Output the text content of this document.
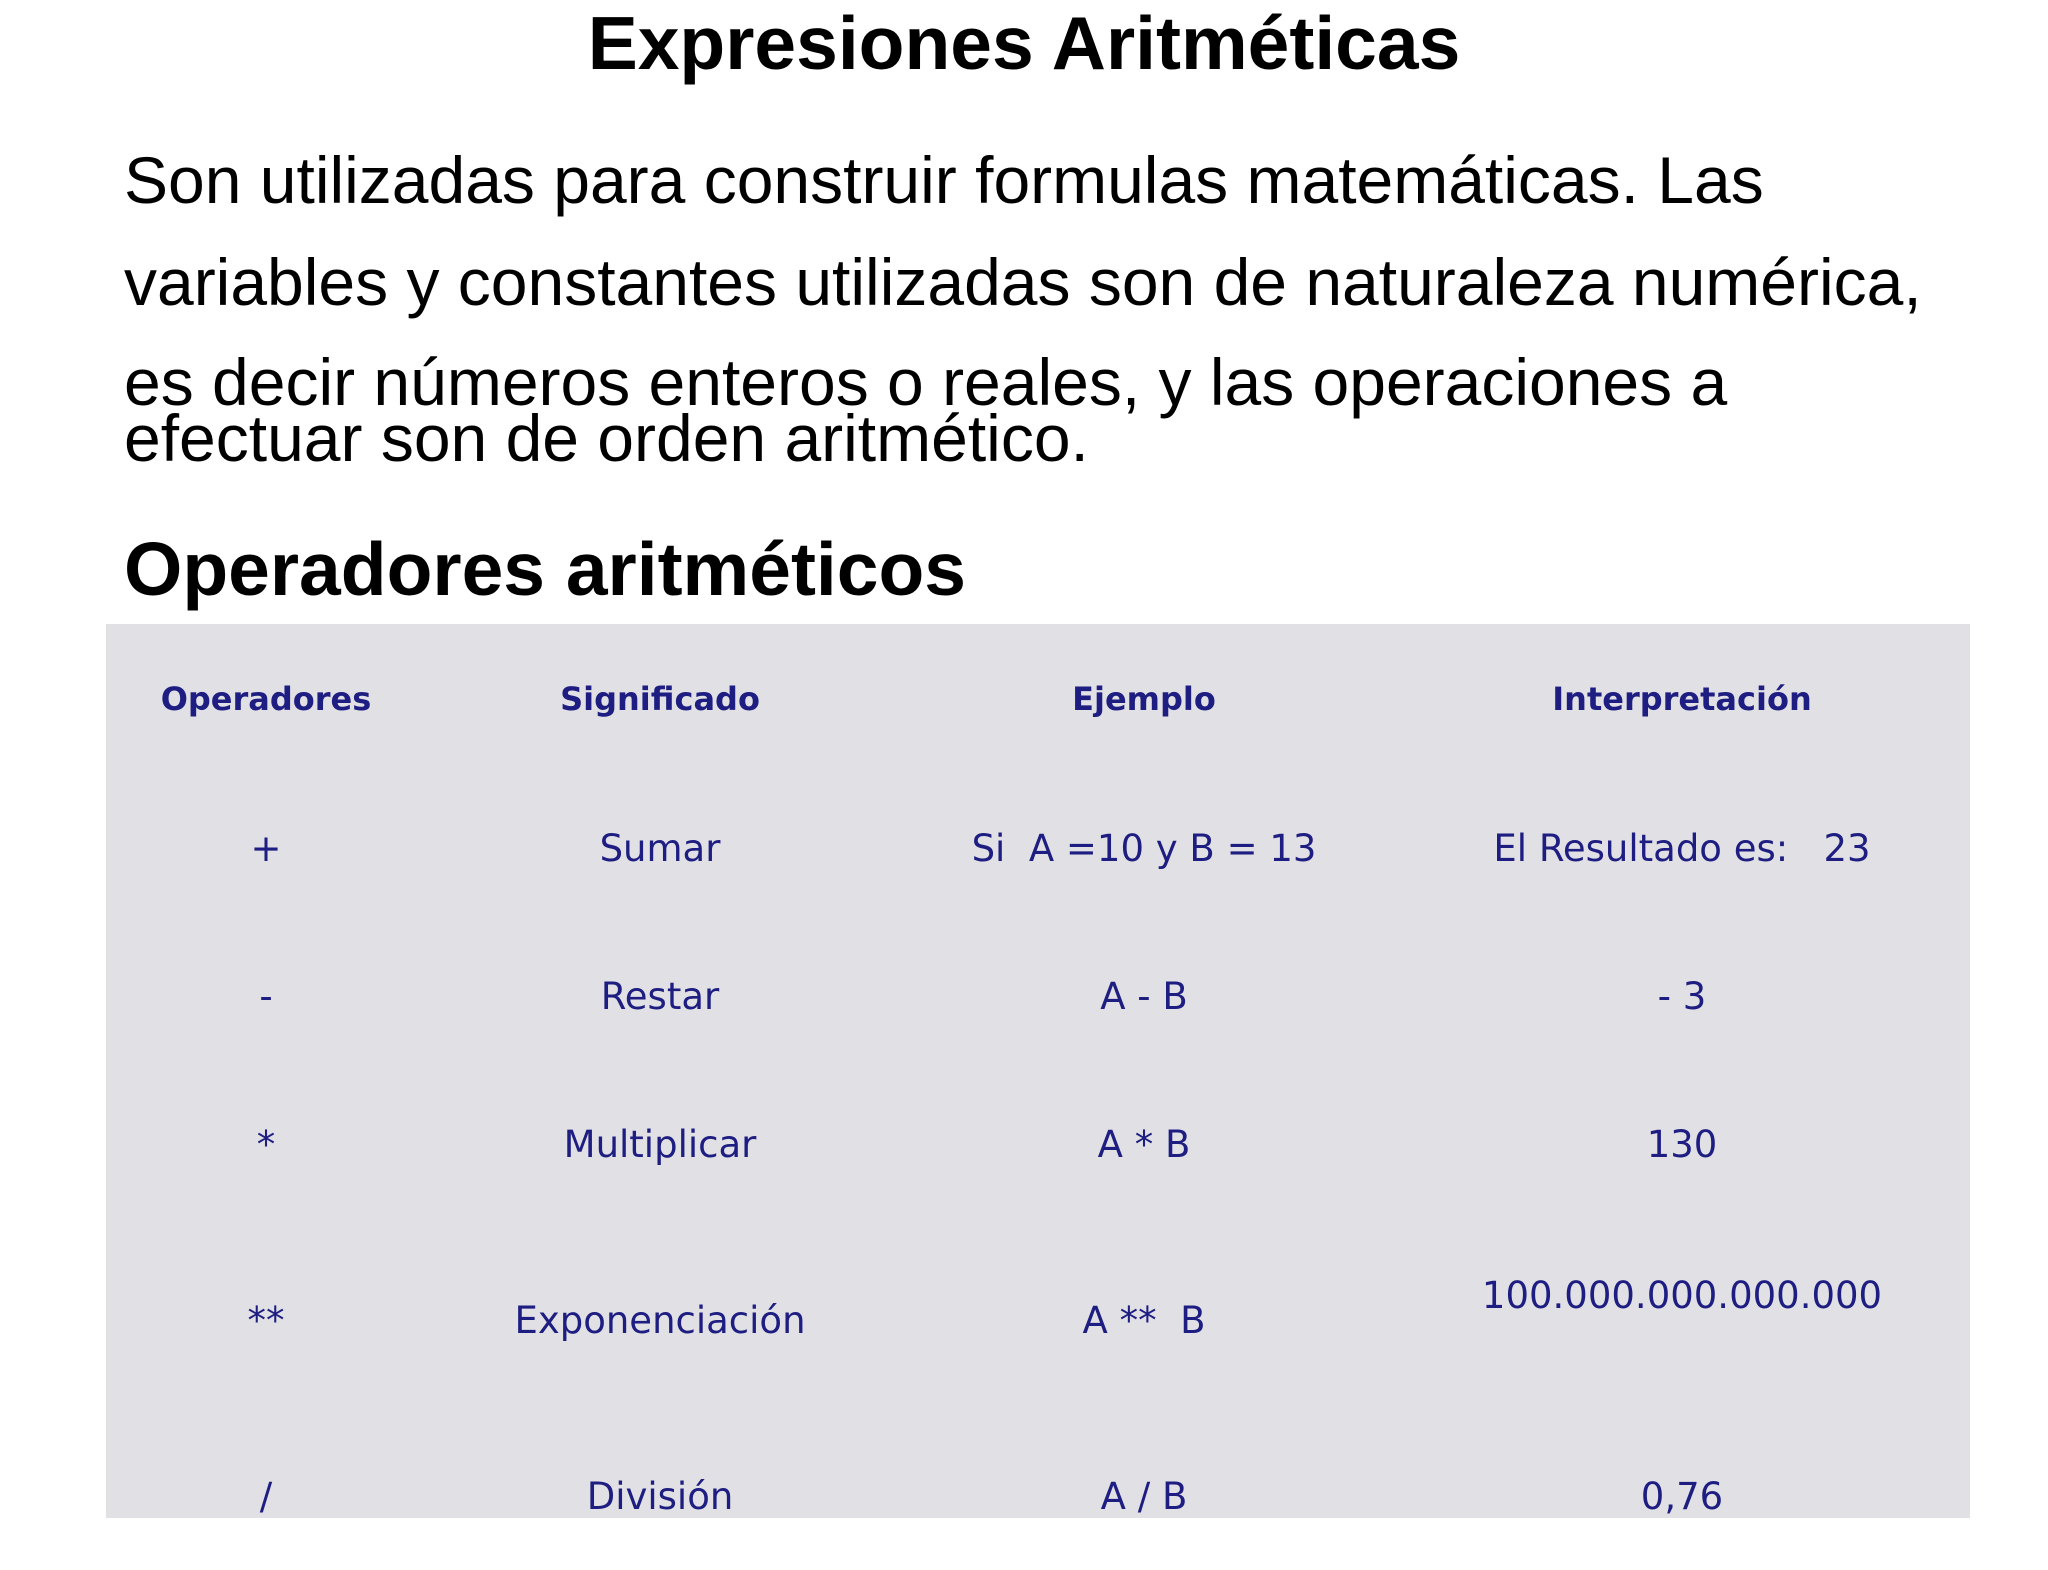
Expresiones Aritméticas

Son utilizadas para construir formulas matemáticas. Las
variables y constantes utilizadas son de naturaleza numérica,
es decir números enteros o reales, y las operaciones a
efectuar son de orden aritmético.

Operadores aritméticos
Operadores	Significado	Ejemplo	Interpretación
+	Sumar	Si  A =10 y B = 13	El Resultado es:   23
-	Restar	A - B	- 3
*	Multiplicar	A * B	130
**	Exponenciación	A **  B	100.000.000.000.000
/	División	A / B	0,76
